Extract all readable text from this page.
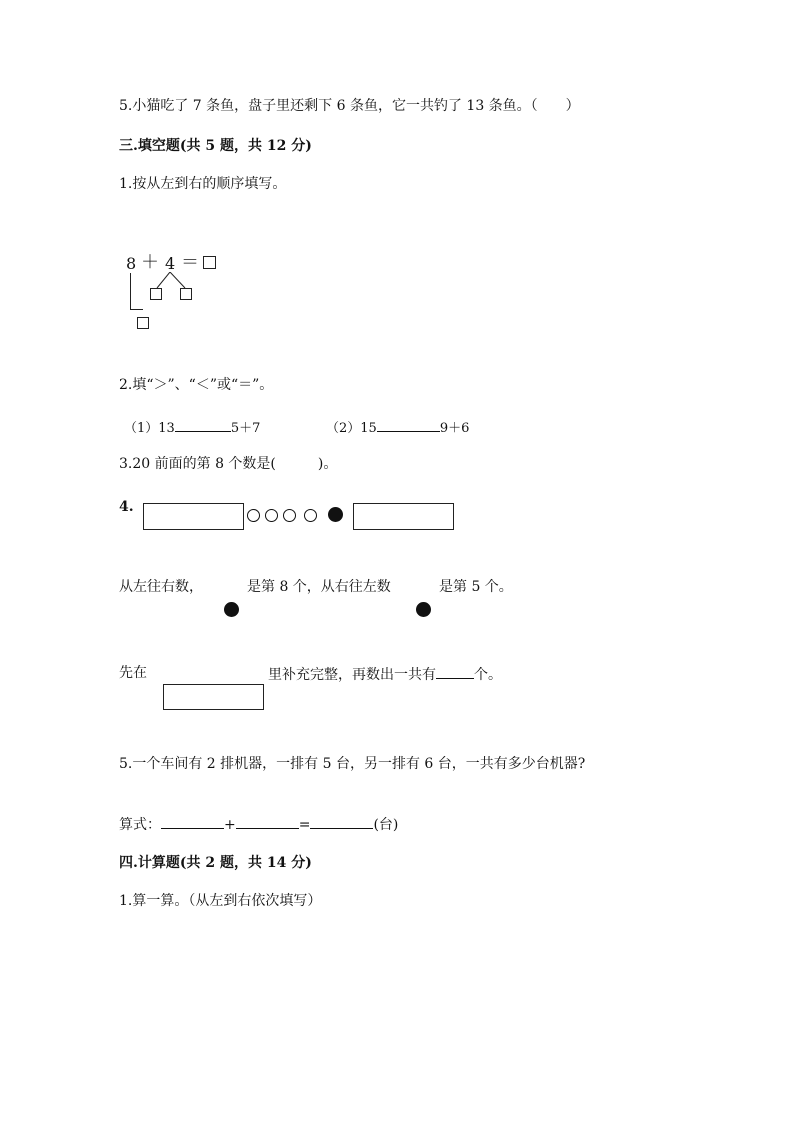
5.小猫吃了 7 条鱼，盘子里还剩下 6 条鱼，它一共钓了 13 条鱼。（　　）
三.填空题(共 5 题，共 12 分)
1.按从左到右的顺序填写。
8 ＋ 4 ＝
2.填“＞”、“＜”或“＝”。
（1）13	5＋7	（2）15	9＋6
3.20 前面的第 8 个数是(　　　)。
4.
从左往右数，	是第 8 个，从右往左数	是第 5 个。
先在	里补充完整，再数出一共有	个。
5.一个车间有 2 排机器，一排有 5 台，另一排有 6 台，一共有多少台机器?
算式：	+	=	(台)
四.计算题(共 2 题，共 14 分)
1.算一算。（从左到右依次填写）
